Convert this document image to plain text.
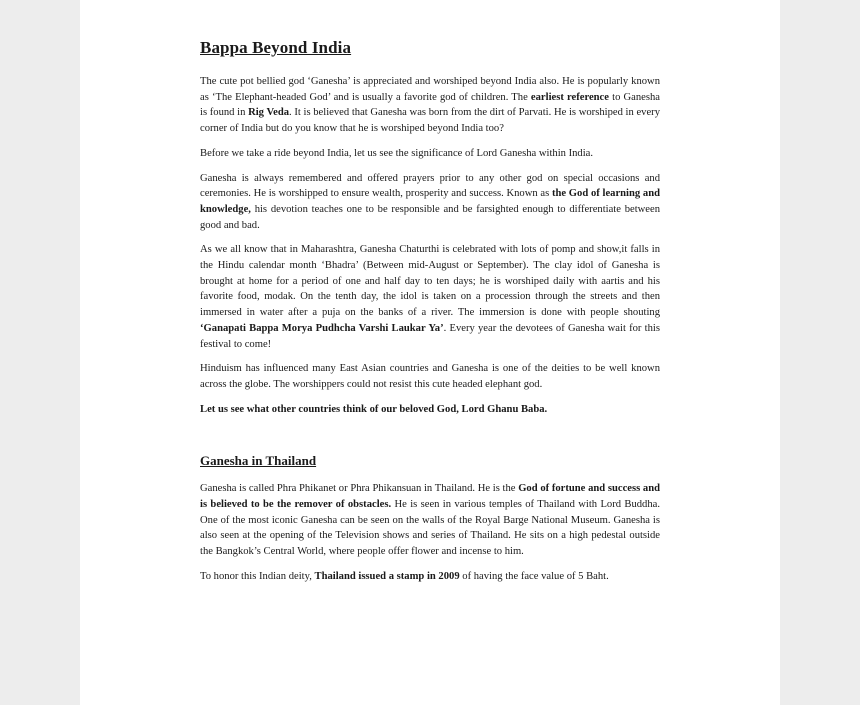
Bappa Beyond India

The cute pot bellied god ‘Ganesha’ is appreciated and worshiped beyond India also. He is popularly known as ‘The Elephant-headed God’ and is usually a favorite god of children. The earliest reference to Ganesha is found in Rig Veda. It is believed that Ganesha was born from the dirt of Parvati. He is worshiped in every corner of India but do you know that he is worshiped beyond India too?

Before we take a ride beyond India, let us see the significance of Lord Ganesha within India.

Ganesha is always remembered and offered prayers prior to any other god on special occasions and ceremonies. He is worshipped to ensure wealth, prosperity and success. Known as the God of learning and knowledge, his devotion teaches one to be responsible and be farsighted enough to differentiate between good and bad.

As we all know that in Maharashtra, Ganesha Chaturthi is celebrated with lots of pomp and show,it falls in the Hindu calendar month ‘Bhadra’ (Between mid-August or September). The clay idol of Ganesha is brought at home for a period of one and half day to ten days; he is worshiped daily with aartis and his favorite food, modak. On the tenth day, the idol is taken on a procession through the streets and then immersed in water after a puja on the banks of a river. The immersion is done with people shouting ‘Ganapati Bappa Morya Pudhcha Varshi Laukar Ya’. Every year the devotees of Ganesha wait for this festival to come!

Hinduism has influenced many East Asian countries and Ganesha is one of the deities to be well known across the globe. The worshippers could not resist this cute headed elephant god.

Let us see what other countries think of our beloved God, Lord Ghanu Baba.

Ganesha in Thailand

Ganesha is called Phra Phikanet or Phra Phikansuan in Thailand. He is the God of fortune and success and is believed to be the remover of obstacles. He is seen in various temples of Thailand with Lord Buddha. One of the most iconic Ganesha can be seen on the walls of the Royal Barge National Museum. Ganesha is also seen at the opening of the Television shows and series of Thailand. He sits on a high pedestal outside the Bangkok’s Central World, where people offer flower and incense to him.

To honor this Indian deity, Thailand issued a stamp in 2009 of having the face value of 5 Baht.
